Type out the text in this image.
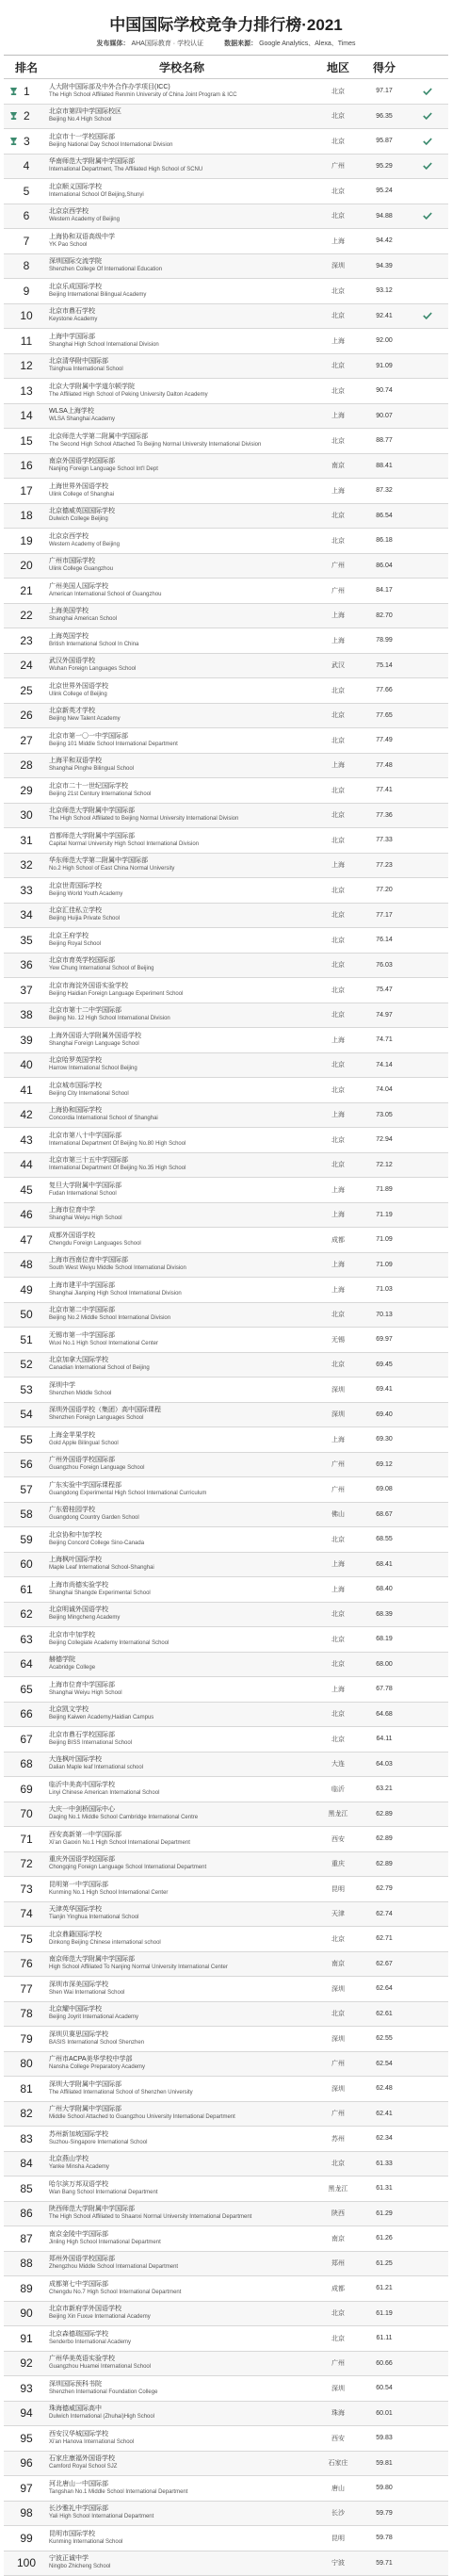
中国国际学校竞争力排行榜·2021
发布媒体： AHA国际教育 · 学校认证	数据来源： Google Analytics、Alexa、Times
排名	学校名称	地区	得分
1	人大附中国际部及中外合作办学项目(ICC)
The High School Affiliated Renmin University of China Joint Program & ICC	北京	97.17
2	北京市第四中学国际校区
Beijing No.4 High School	北京	96.35
3	北京市十一学校国际部
Beijing National Day School International Division	北京	95.87
4	华南师范大学附属中学国际部
International Department, The Affiliated High School of SCNU	广州	95.29
5	北京顺义国际学校
International School Of Beijing,Shunyi	北京	95.24
6	北京京西学校
Western Academy of Beijing	北京	94.88
7	上海协和双语高级中学
YK Pao School	上海	94.42
8	深圳国际交流学院
Shenzhen College Of International Education	深圳	94.39
9	北京乐成国际学校
Beijing International Bilingual Academy	北京	93.12
10 北京市鼎石学校
Keystone Academy	北京	92.41
11	上海中学国际部
Shanghai High School International Division	上海	92.00
12 北京清华附中国际部
Tsinghua International School	北京	91.09
13 北京大学附属中学道尔顿学院
The Affiliated High School of Peking University Dalton Academy	北京	90.74
14 WLSA上海学校
WLSA Shanghai Academy	上海	90.07
15 北京师范大学第二附属中学国际部
The Second High School Attached To Beijing Normal University International Division	北京	88.77
16 南京外国语学校国际部
Nanjing Foreign Language School Int'l Dept	南京	88.41
17 上海世界外国语学校
Ulink College of Shanghai	上海	87.32
18 北京德威英国国际学校
Dulwich College Beijing	北京	86.54
19 北京京西学校
Western Academy of Beijing	北京	86.18
20 广州市国际学校
Ulink College Guangzhou	广州	86.04
21 广州美国人国际学校
American International School of Guangzhou	广州	84.17
22 上海美国学校
Shanghai American School	上海	82.70
23 上海英国学校
British International School In China	上海	78.99
24 武汉外国语学校
Wuhan Foreign Languages School	武汉	75.14
25 北京世界外国语学校
Ulink College of Beijing	北京	77.66
26 北京新英才学校
Beijing New Talent Academy	北京	77.65
27 北京市第一〇一中学国际部
Beijing 101 Middle School International Department	北京	77.49
28 上海平和双语学校
Shanghai Pinghe Bilingual School	上海	77.48
29 北京市二十一世纪国际学校
Beijing 21st Century International School	北京	77.41
30 北京师范大学附属中学国际部
The High School Affiliated to Beijing Normal University International Division	北京	77.36
31 首都师范大学附属中学国际部
Capital Normal University High School International Division	北京	77.33
32 华东师范大学第二附属中学国际部
No.2 High School of East China Normal University	上海	77.23
33 北京世青国际学校
Beijing World Youth Academy	北京	77.20
34 北京汇佳私立学校
Beijing Huijia Private School	北京	77.17
35 北京王府学校
Beijing Royal School	北京	76.14
36 北京市育英学校国际部
Yew Chung International School of Beijing	北京	76.03
37 北京市海淀外国语实验学校
Beijing Haidian Foreign Language Experiment School	北京	75.47
38 北京市第十二中学国际部
Beijing No. 12 High School International Division	北京	74.97
39 上海外国语大学附属外国语学校
Shanghai Foreign Language School	上海	74.71
40 北京哈罗英国学校
Harrow International School Beijing	北京	74.14
41 北京城市国际学校
Beijing City International School	北京	74.04
42 上海协和国际学校
Concordia International School of Shanghai	上海	73.05
43 北京市第八十中学国际部
International Department Of Beijing No.80 High School	北京	72.94
44 北京市第三十五中学国际部
International Department Of Beijing No.35 High School	北京	72.12
45 复旦大学附属中学国际部
Fudan International School	上海	71.89
46 上海市位育中学
Shanghai Weiyu High School	上海	71.19
47 成都外国语学校
Chengdu Foreign Languages School	成都	71.09
48 上海市西南位育中学国际部
South West Weiyu Middle School International Division	上海	71.09
49 上海市建平中学国际部
Shanghai Jianping High School International Division	上海	71.03
50 北京市第二中学国际部
Beijing No.2 Middle School International Division	北京	70.13
51 无锡市第一中学国际部
Wuxi No.1 High School International Center	无锡	69.97
52 北京加拿大国际学校
Canadian International School of Beijing	北京	69.45
53 深圳中学
Shenzhen Middle School	深圳	69.41
54 深圳外国语学校（集团）高中国际课程
Shenzhen Foreign Languages School	深圳	69.40
55 上海金苹果学校
Gold Apple Bilingual School	上海	69.30
56 广州外国语学校国际部
Guangzhou Foreign Language School	广州	69.12
57 广东实验中学国际课程部
Guangdong Experimental High School International Curriculum	广州	69.08
58 广东碧桂园学校
Guangdong Country Garden School	佛山	68.67
59 北京协和中加学校
Beijing Concord College Sino-Canada	北京	68.55
60 上海枫叶国际学校
Maple Leaf International School-Shanghai	上海	68.41
61 上海市尚德实验学校
Shanghai Shangde Experimental School	上海	68.40
62 北京明诚外国语学校
Beijing Mingcheng Academy	北京	68.39
63 北京市中加学校
Beijing Collegiate Academy International School	北京	68.19
64 赫德学院
Acabridge College	北京	68.00
65 上海市位育中学国际部
Shanghai Weiyu High School	上海	67.78
66 北京凯文学校
Beijing Kaiwen Academy,Haidian Campus	北京	64.68
67 北京市鼎石学校国际部
Beijing BISS International School	北京	64.11
68 大连枫叶国际学校
Dalian Maple leaf International school	大连	64.03
69 临沂中美高中国际学校
Linyi Chinese American International School	临沂	63.21
70 大庆一中剑桥国际中心
Daqing No.1 Middle School Cambridge International Centre	黑龙江	62.89
71 西安高新第一中学国际部
Xi'an Gaoxin No.1 High School International Department	西安	62.89
72 重庆外国语学校国际部
Chongqing Foreign Language School International Department	重庆	62.89
73 昆明第一中学国际部
Kunming No.1 High School International Center	昆明	62.79
74 天津英华国际学校
Tianjin Yinghua International School	天津	62.74
75 北京鼎籍国际学校
Dinkong Beijing Chinese international school	北京	62.71
76 南京师范大学附属中学国际部
High School Affiliated To Nanjing Normal University International Center	南京	62.67
77 深圳市深美国际学校
Shen Wai International School	深圳	62.64
78 北京耀中国际学校
Beijing Joyrit International Academy	北京	62.61
79 深圳贝赛思国际学校
BASIS International School Shenzhen	深圳	62.55
80 广州市ACPA美华学校中学部
Nansha College Preparatory Academy	广州	62.54
81 深圳大学附属中学国际部
The Affiliated International School of Shenzhen University	深圳	62.48
82 广州大学附属中学国际部
Middle School Attached to Guangzhou University International Department	广州	62.41
83 苏州新加坡国际学校
Suzhou-Singapore International School	苏州	62.34
84 北京燕山学校
Yanke Minsha Academy	北京	61.33
85 哈尔滨万邦双语学校
Wan Bang School International Department	黑龙江	61.31
86 陕西师范大学附属中学国际部
The High School Affiliated to Shaanxi Normal University International Department	陕西	61.29
87 南京金陵中学国际部
Jinling High School International Department	南京	61.26
88 郑州外国语学校国际部
Zhengzhou Middle School International Department	郑州	61.25
89 成都第七中学国际部
Chengdu No.7 High School International Department	成都	61.21
90 北京市新府学外国语学校
Beijing Xin Fuxue International Academy	北京	61.19
91 北京森德瑞国际学校
Senderbo International Academy	北京	61.11
92 广州华美英语实验学校
Guangzhou Huamei International School	广州	60.66
93 深圳国际预科书院
Shenzhen International Foundation College	深圳	60.54
94 珠海德威国际高中
Dulwich International (Zhuhai)High School	珠海	60.01
95 西安汉华城国际学校
Xi'an Hanova International School	西安	59.83
96 石家庄康福外国语学校
Camford Royal School SJZ	石家庄	59.81
97 河北唐山一中国际部
Tangshan No.1 Middle School International Department	唐山	59.80
98 长沙雅礼中学国际部
Yali High School International Department	长沙	59.79
99 昆明市国际学校
Kunming International School	昆明	59.78
100 宁波正诚中学
Ningbo Zhicheng School	宁波	59.71
